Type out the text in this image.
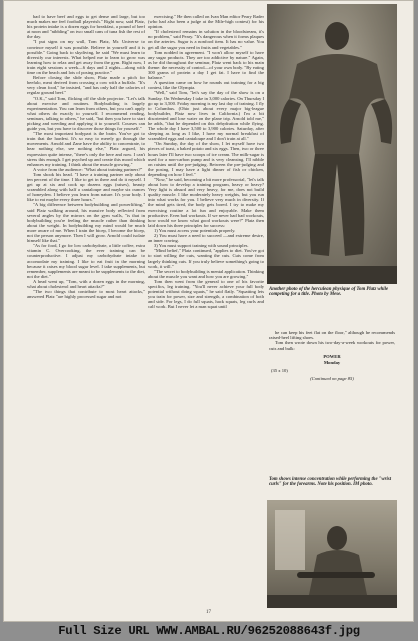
bad to have beef and eggs to get dense and large, but too much makes me feel football playerish." Right now, said Platz, his protein intake is a dozen eggs for breakfast, a pound of beef at noon and "nibbling" on two small cans of tuna fish the rest of the day.

"I put signs on my wall, Tom Platz, Mr. Universe to convince myself it was possible. Believe in yourself and it is possible." Going back to skydiving, he said "We must learn to diversify our interests. What helped me to learn to grow was learning how to relax and get away from the gym. Right now, I train eight sessions a week—6 days and 2 nights—along with time on the beach and lots of posing practice."

Before closing the slide show, Platz made a pitch for beefalo, meat derived from crossing a cow with a buffalo. "It's very clean food," he insisted, "and has only half the calories of regular ground beef."

"O.K.," said Tom, flicking off the slide projector. "Let's talk about exercise and routines. Bodybuilding is largely experimentation. You can learn from others, but you can't apply what others do exactly to yourself. I recommend reading, seminars, talking to others," he said, "but then you have to start picking and weeding and applying it to yourself. Courses can guide you, but you have to discover those things for yourself."

"The most important bodypart is the brain. You've got to train that the hardest. It's so easy to merely go through the movements. Arnold and Zane have the ability to concentrate, to hear nothing else, see nothing else," Platz argued, his expression quite intense, "there's only the here and now. I can't stress this enough. I get psyched up and create this mood which enhances my training. I think about the muscle growing."

A voice from the audience: "What about training partners?"

Tom shook his head. "I have a training partner only about ten percent of the time. I like to get in there and do it myself. I get up at six and cook up dozens eggs (raises), beauty scrambled along with half a cantaloupe and maybe six ounces of honeydew. I believe you learn from nature. It's your body. I like to eat maybe every three hours."

"A big difference between bodybuilding and powerlifting," said Platz walking around, his massive body reflected from several angles by the mirrors on the gym walls, "is that in bodybuilding you're feeling the muscle rather than thinking about the weight. In bodybuilding my mind would be much more aware of me. When I train the bicep, I become the bicep, not the person anymore. Then I will grow. Arnold could isolate himself like that."

"As for food, I go for low carbohydrate, a little coffee, extra vitamin C. Overcooking, the ever training can be counterproductive. I adjust my carbohydrate intake to accomodate my training. I like to eat fruit in the morning because it raises my blood sugar level. I take supplements, but remember, supplements are meant to be supplements to the diet, not the diet."

A head went up, "Tom, with a dozen eggs in the morning, what about cholesterol and heart attacks?"

"The two things that contribute to most heart attacks," answered Platz "are highly processed sugar and not

exercising." He then called on Ivan Man editor Peary Rader (who had also been a judge at the Mile-high contest) for his opinion.

"If cholesterol remains in solution in the bloodstream, it's no problem," said Peary. "It's dangerous when it forms plaques on the arteries. Sugar is a nonfood item. It has no value. You get all the sugar you need in fruits and vegetables."

Tom nodded in agreement. "I won't allow myself to have any sugar products. They are too addictive by nature." Again, as he did throughout the seminar, Platz went back to his main theme: the necessity of control—of your own body. "By eating 300 grams of protein a day I get fat. I have to find the balance."

A question came on how he rounds out training for a big contest, like the Olympia.

"Well," said Tom, "let's say the day of the show is on a Sunday. On Wednesday I take in 3,000 calories. On Thursday I go up to 3,500. Friday morning is my last day of training. I fly to Columbus. (Ohio just about every major big-league bodybuilder, Platz now lives in California.) I'm a bit disoriented and lose water on the plane trip. Arnold told me," he adds, "that he depended on this dehydration while flying. The whole day I have 3,500 to 3,900 calories. Saturday, after sleeping as long as I like, I have my normal breakfast of scrambled eggs and cantaloupe and I don't train at all."

"On Sunday, the day of the show, I let myself have two pieces of toast, a baked potato and six eggs. Then, two or three hours later I'll have two scoops of ice cream. The milk-sugar is used for a non-carbon pump and is very cleansing. I'll nibble on raisins until the pre-judging. Between the pre-judging and the posing, I may have a light dinner of fish or chicken, depending on how I feel."

"Now," he said, becoming a bit more professorial, "let's talk about how to develop a training program, heavy or heavy? Very light is absurd and very heavy, for me, does not build quality muscle. I like moderately heavy weights, but you run into what works for you. I believe very much in diversity. If the mind gets tired, the body gets bored. I try to make my exercising routine a lot fun and enjoyable. Make them productive. Even bad workouts. If we never had bad workouts, how would we know what good workouts were?" Platz then laid down his three principles for success:

1) You must access your potentials properly.

2) You must have a need to succeed —and extreme desire, an inner craving.

3) You must support training with sound principles.

"Mind belief," Platz continued, "applies to diet. You've got to start willing the cuts, wanting the cuts. Cuts come from largely thinking cuts. If you truly believe something's going to work, it will."

"The secret to bodybuilding is mental application. Thinking about the muscle you want and how you are growing."

Tom then went from the general to one of his favorite specifics, leg training. "You'll never achieve your full body potential without doing squats," he said flatly. "Squatting lets you train for power, size and strength, a combination of both and side. For legs, I do full squats, hack squats, leg curls and calf work. But I never let a man squat until

Another photo of the herculean physique of Tom Platz while competing for a title. Photo by Mese.

he can keep his feet flat on the floor," although he recommends raised-heel lifting shoes.

Tom then wrote down his two-day-a-week workouts for power, cuts and bulk:

POWER

Monday

(35 x 10)

(Continued on page 85)

Tom shows intense concentration while performing the "wrist curls" for the forearms. Note his position. IM photo.
17
Full Size URL WWW.AMBAL.RU/96252088643f.jpg
